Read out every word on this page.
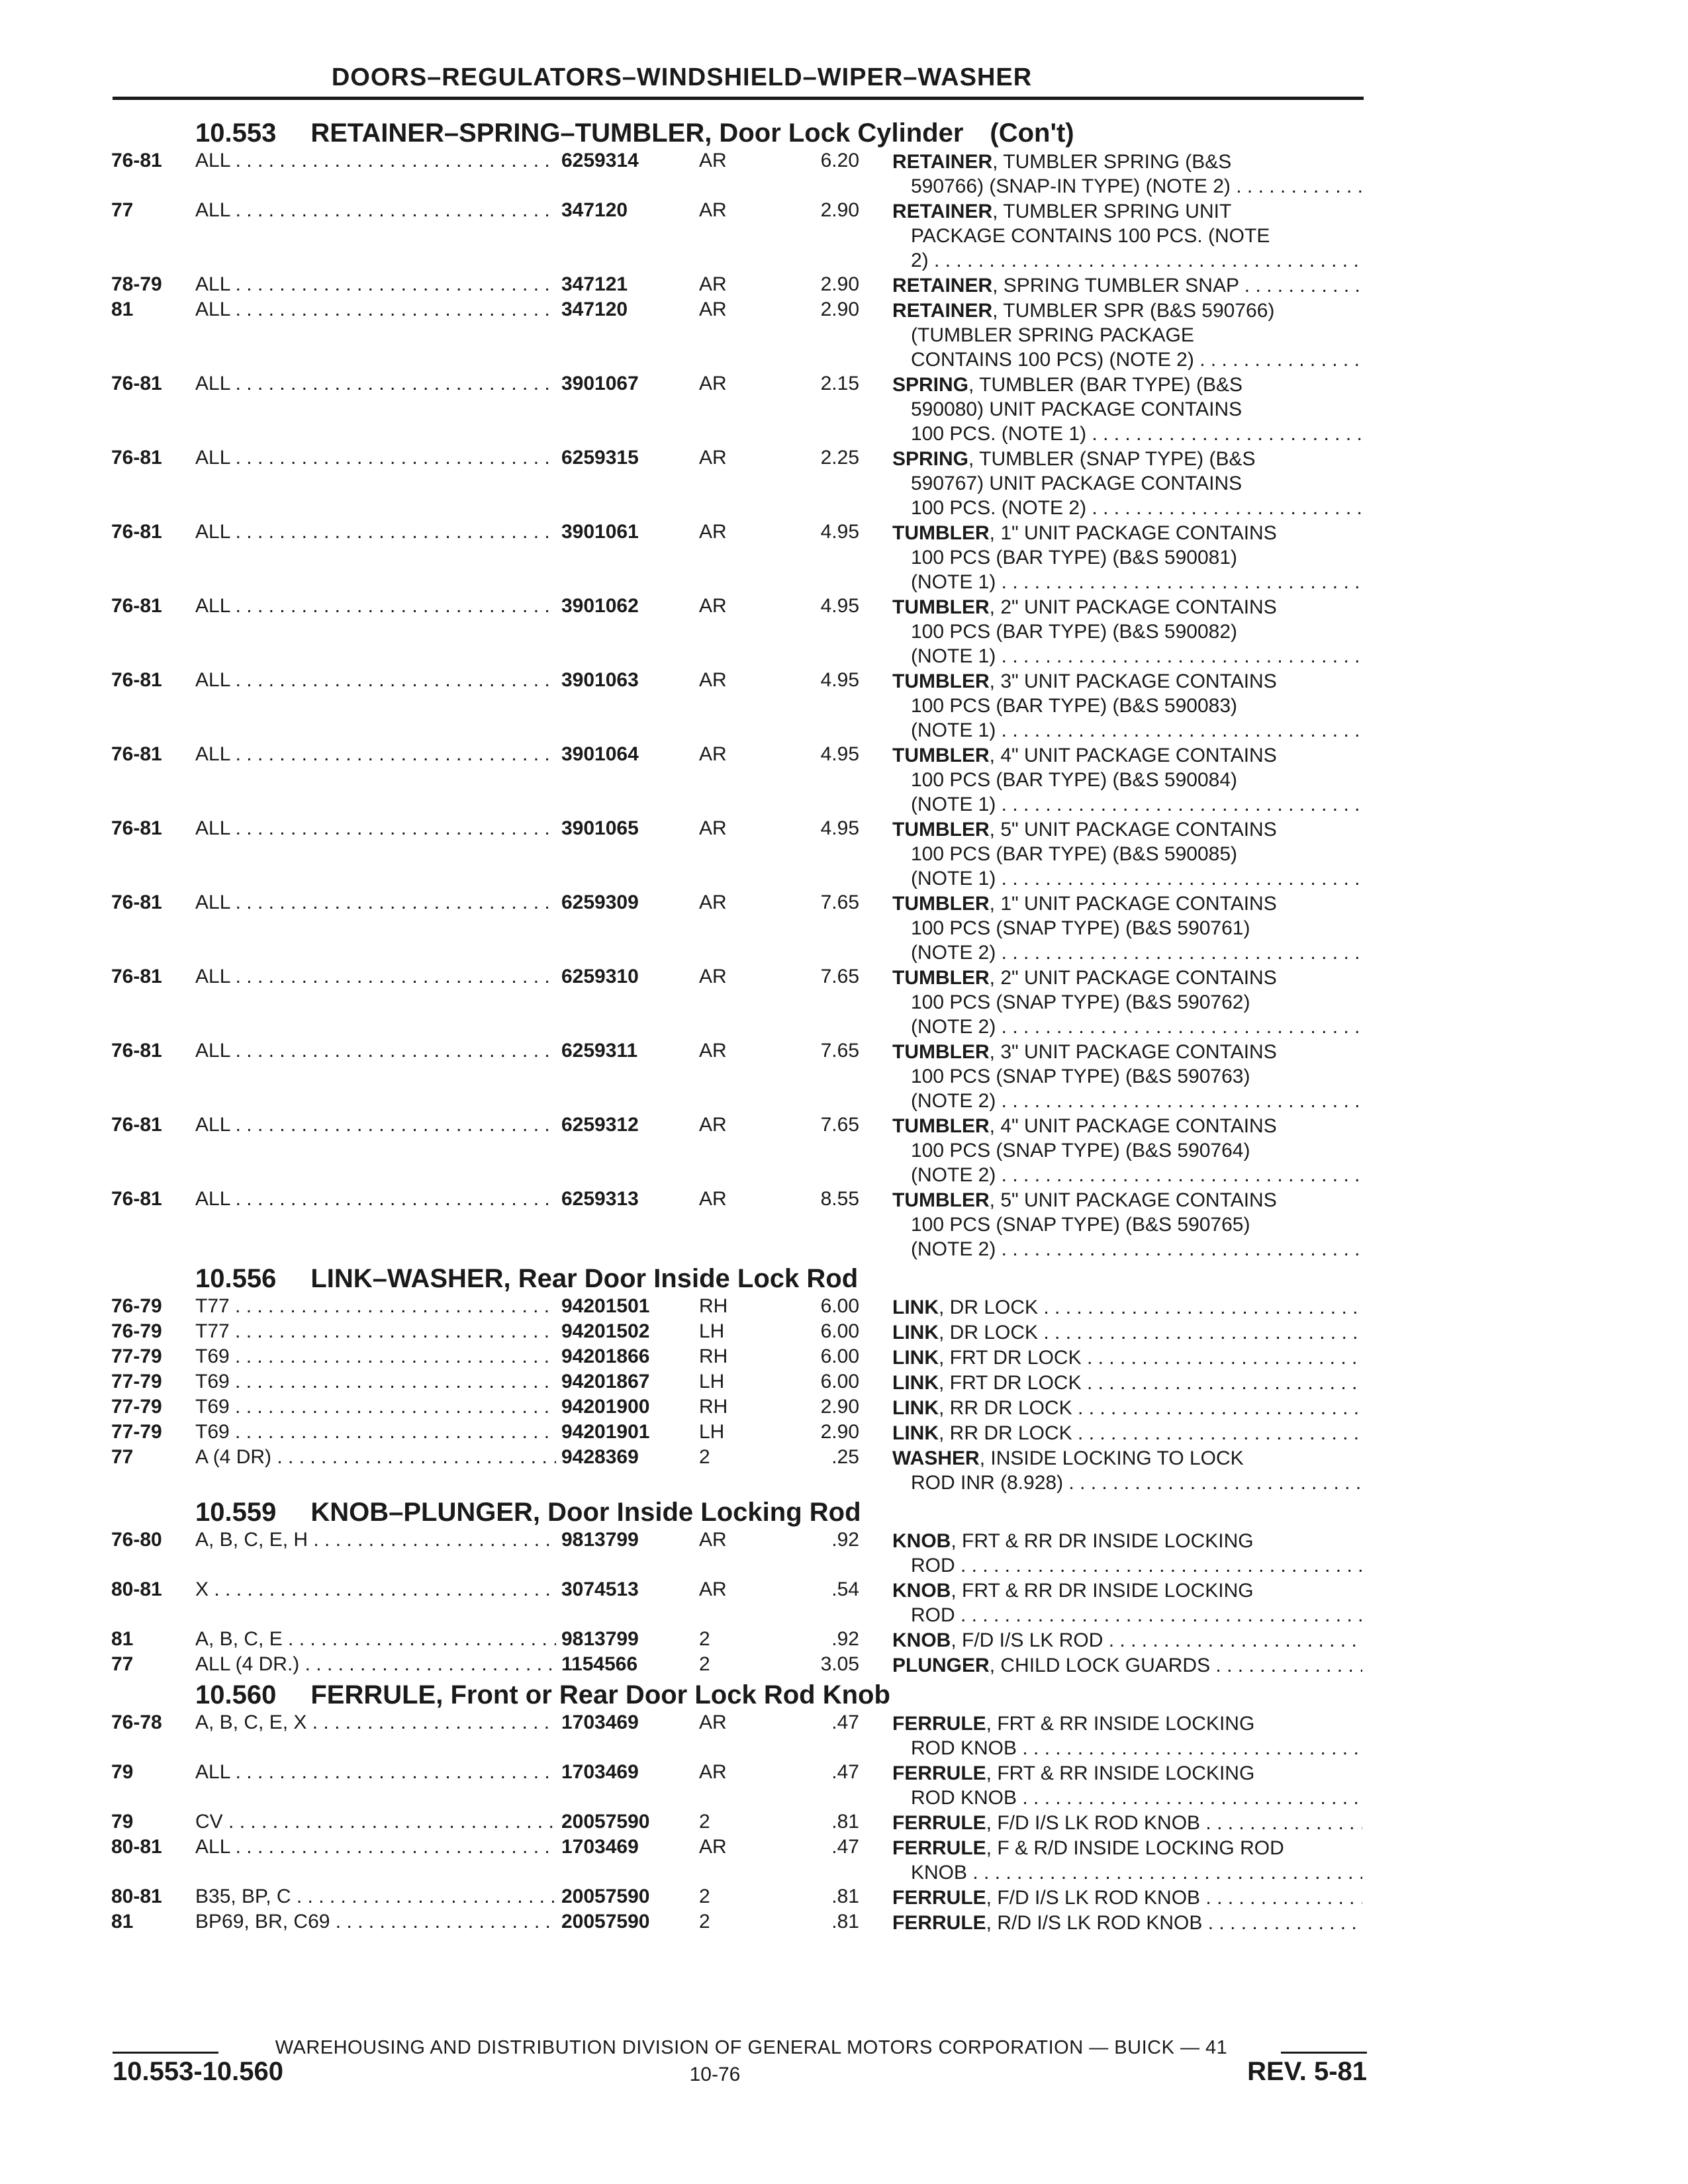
DOORS–REGULATORS–WINDSHIELD–WIPER–WASHER
10.553 RETAINER–SPRING–TUMBLER, Door Lock Cylinder (Con't)
76-81	ALL . . .	6259314	AR	6.20 RETAINER, TUMBLER SPRING (B&S
590766) (SNAP-IN TYPE) (NOTE 2) . . .
77	ALL . . .	347120	AR	2.90 RETAINER, TUMBLER SPRING UNIT
PACKAGE CONTAINS 100 PCS. (NOTE
2) . . .
78-79	ALL . . .	347121	AR	2.90 RETAINER, SPRING TUMBLER SNAP . . .
81	ALL . . .	347120	AR	2.90 RETAINER, TUMBLER SPR (B&S 590766)
(TUMBLER SPRING PACKAGE
CONTAINS 100 PCS) (NOTE 2) . . .
76-81	ALL . . .	3901067	AR	2.15 SPRING, TUMBLER (BAR TYPE) (B&S
590080) UNIT PACKAGE CONTAINS
100 PCS. (NOTE 1) . . .
76-81	ALL . . .	6259315	AR	2.25 SPRING, TUMBLER (SNAP TYPE) (B&S
590767) UNIT PACKAGE CONTAINS
100 PCS. (NOTE 2) . . .
76-81	ALL . . .	3901061	AR	4.95 TUMBLER, 1" UNIT PACKAGE CONTAINS
100 PCS (BAR TYPE) (B&S 590081)
(NOTE 1) . . .
76-81	ALL . . .	3901062	AR	4.95 TUMBLER, 2" UNIT PACKAGE CONTAINS
100 PCS (BAR TYPE) (B&S 590082)
(NOTE 1) . . .
76-81	ALL . . .	3901063	AR	4.95 TUMBLER, 3" UNIT PACKAGE CONTAINS
100 PCS (BAR TYPE) (B&S 590083)
(NOTE 1) . . .
76-81	ALL . . .	3901064	AR	4.95 TUMBLER, 4" UNIT PACKAGE CONTAINS
100 PCS (BAR TYPE) (B&S 590084)
(NOTE 1) . . .
76-81	ALL . . .	3901065	AR	4.95 TUMBLER, 5" UNIT PACKAGE CONTAINS
100 PCS (BAR TYPE) (B&S 590085)
(NOTE 1) . . .
76-81	ALL . . .	6259309	AR	7.65 TUMBLER, 1" UNIT PACKAGE CONTAINS
100 PCS (SNAP TYPE) (B&S 590761)
(NOTE 2) . . .
76-81	ALL . . .	6259310	AR	7.65 TUMBLER, 2" UNIT PACKAGE CONTAINS
100 PCS (SNAP TYPE) (B&S 590762)
(NOTE 2) . . .
76-81	ALL . . .	6259311	AR	7.65 TUMBLER, 3" UNIT PACKAGE CONTAINS
100 PCS (SNAP TYPE) (B&S 590763)
(NOTE 2) . . .
76-81	ALL . . .	6259312	AR	7.65 TUMBLER, 4" UNIT PACKAGE CONTAINS
100 PCS (SNAP TYPE) (B&S 590764)
(NOTE 2) . . .
76-81	ALL . . .	6259313	AR	8.55 TUMBLER, 5" UNIT PACKAGE CONTAINS
100 PCS (SNAP TYPE) (B&S 590765)
(NOTE 2) . . .
10.556 LINK–WASHER, Rear Door Inside Lock Rod
76-79	T77 . . .	94201501	RH	6.00 LINK, DR LOCK . . .
76-79	T77 . . .	94201502	LH	6.00 LINK, DR LOCK . . .
77-79	T69 . . .	94201866	RH	6.00 LINK, FRT DR LOCK . . .
77-79	T69 . . .	94201867	LH	6.00 LINK, FRT DR LOCK . . .
77-79	T69 . . .	94201900	RH	2.90 LINK, RR DR LOCK . . .
77-79	T69 . . .	94201901	LH	2.90 LINK, RR DR LOCK . . .
77	A (4 DR) . . .	9428369	2	.25 WASHER, INSIDE LOCKING TO LOCK
ROD INR (8.928) . . .
10.559 KNOB–PLUNGER, Door Inside Locking Rod
76-80	A, B, C, E, H . . .	9813799	AR	.92 KNOB, FRT & RR DR INSIDE LOCKING
ROD . . .
80-81	X . . .	3074513	AR	.54 KNOB, FRT & RR DR INSIDE LOCKING
ROD . . .
81	A, B, C, E . . .	9813799	2	.92 KNOB, F/D I/S LK ROD . . .
77	ALL (4 DR.) . . .	1154566	2	3.05 PLUNGER, CHILD LOCK GUARDS . . .
10.560 FERRULE, Front or Rear Door Lock Rod Knob
76-78	A, B, C, E, X . . .	1703469	AR	.47 FERRULE, FRT & RR INSIDE LOCKING
ROD KNOB . . .
79	ALL . . .	1703469	AR	.47 FERRULE, FRT & RR INSIDE LOCKING
ROD KNOB . . .
79	CV . . .	20057590	2	.81 FERRULE, F/D I/S LK ROD KNOB . . .
80-81	ALL . . .	1703469	AR	.47 FERRULE, F & R/D INSIDE LOCKING ROD
KNOB . . .
80-81	B35, BP, C . . .	20057590	2	.81 FERRULE, F/D I/S LK ROD KNOB . . .
81	BP69, BR, C69 . . .	20057590	2	.81 FERRULE, R/D I/S LK ROD KNOB . . .
WAREHOUSING AND DISTRIBUTION DIVISION OF GENERAL MOTORS CORPORATION — BUICK — 41
10.553-10.560	10-76	REV. 5-81
